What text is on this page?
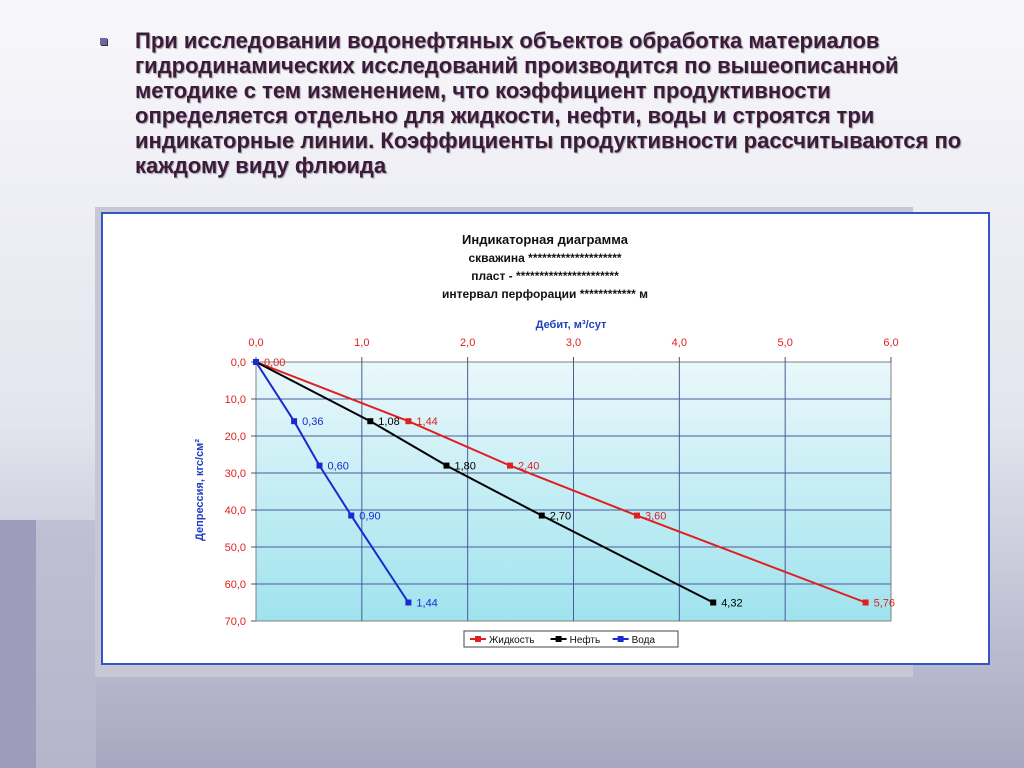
При исследовании водонефтяных объектов обработка материалов гидродинамических исследований производится по вышеописанной методике с тем изменением, что коэффициент продуктивности определяется отдельно для жидкости, нефти, воды и строятся три индикаторные линии. Коэффициенты продуктивности рассчитываются по каждому виду флюида
Индикаторная диаграмма
скважина ********************
пласт - **********************
интервал перфорации ************ м
Дебит, м³/сут
Депрессия, кгс/см²
0,0	1,0	2,0	3,0	4,0	5,0	6,0
0,0
10,0
20,0
30,0
40,0
50,0
60,0
70,0
0,00
1,44
2,40
3,60
5,76
1,08
1,80
2,70
4,32
0,36
0,60
0,90
1,44
Жидкость	Нефть	Вода
